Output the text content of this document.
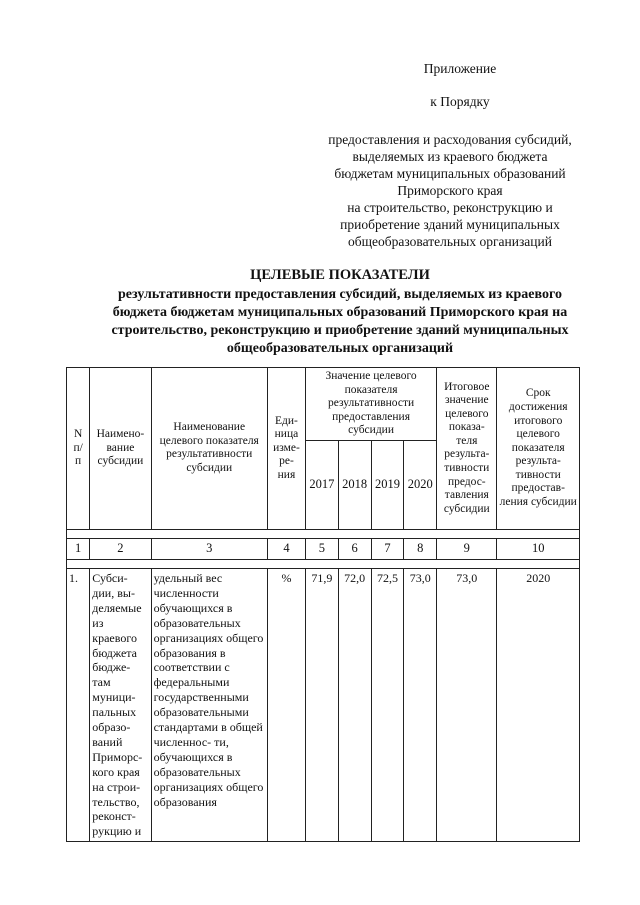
Приложение
к Порядку
предоставления и расходования субсидий,
выделяемых из краевого бюджета
бюджетам муниципальных образований
Приморского края
на строительство, реконструкцию и
приобретение зданий муниципальных
общеобразовательных организаций
ЦЕЛЕВЫЕ ПОКАЗАТЕЛИ
результативности предоставления субсидий, выделяемых из краевого
бюджета бюджетам муниципальных образований Приморского края на
строительство, реконструкцию и приобретение зданий муниципальных
общеобразовательных организаций
N п/ п	Наимено- вание субсидии	Наименование целевого показателя результативности субсидии	Еди- ница изме- ре- ния	Значение целевого показателя результативности предоставления субсидии				Итоговое значение целевого показа- теля результа- тивности предос- тавления субсидии	Срок достижения итогового целевого показателя результа- тивности предостав- ления субсидии
				2017	2018	2019	2020		

1	2	3	4	5	6	7	8	9	10

1.	Субси- дии, вы- деляемые из краевого бюджета бюдже- там муници- пальных образо- ваний Приморс- кого края на строи- тельство, реконст- рукцию и	удельный вес численности обучающихся в образовательных организациях общего образования в соответствии с федеральными государственными образовательными стандартами в общей численнос- ти, обучающихся в образовательных организациях общего образования	%	71,9	72,0	72,5	73,0	73,0	2020
